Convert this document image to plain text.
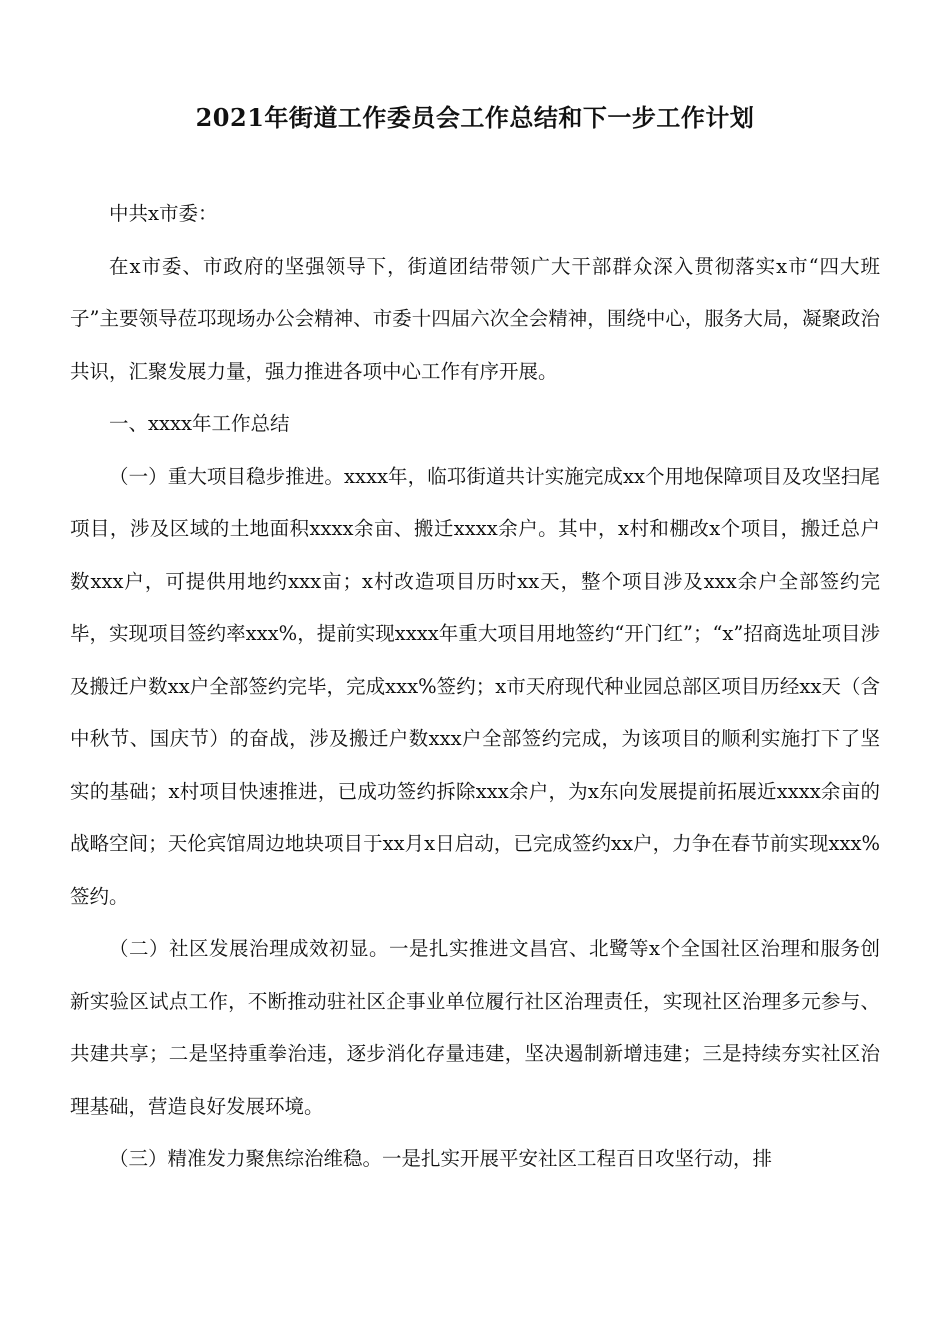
2021年街道工作委员会工作总结和下一步工作计划

中共x市委：

在x市委、市政府的坚强领导下，街道团结带领广大干部群众深入贯彻落实x市“四大班子”主要领导莅邛现场办公会精神、市委十四届六次全会精神，围绕中心，服务大局，凝聚政治共识，汇聚发展力量，强力推进各项中心工作有序开展。

一、xxxx年工作总结

（一）重大项目稳步推进。xxxx年，临邛街道共计实施完成xx个用地保障项目及攻坚扫尾项目，涉及区域的土地面积xxxx余亩、搬迁xxxx余户。其中，x村和棚改x个项目，搬迁总户数xxx户，可提供用地约xxx亩；x村改造项目历时xx天，整个项目涉及xxx余户全部签约完毕，实现项目签约率xxx%，提前实现xxxx年重大项目用地签约“开门红”；“x”招商选址项目涉及搬迁户数xx户全部签约完毕，完成xxx%签约；x市天府现代种业园总部区项目历经xx天（含中秋节、国庆节）的奋战，涉及搬迁户数xxx户全部签约完成，为该项目的顺利实施打下了坚实的基础；x村项目快速推进，已成功签约拆除xxx余户，为x东向发展提前拓展近xxxx余亩的战略空间；天伦宾馆周边地块项目于xx月x日启动，已完成签约xx户，力争在春节前实现xxx%签约。

（二）社区发展治理成效初显。一是扎实推进文昌宫、北鹭等x个全国社区治理和服务创新实验区试点工作，不断推动驻社区企事业单位履行社区治理责任，实现社区治理多元参与、共建共享；二是坚持重拳治违，逐步消化存量违建，坚决遏制新增违建；三是持续夯实社区治理基础，营造良好发展环境。

（三）精准发力聚焦综治维稳。一是扎实开展平安社区工程百日攻坚行动，排
